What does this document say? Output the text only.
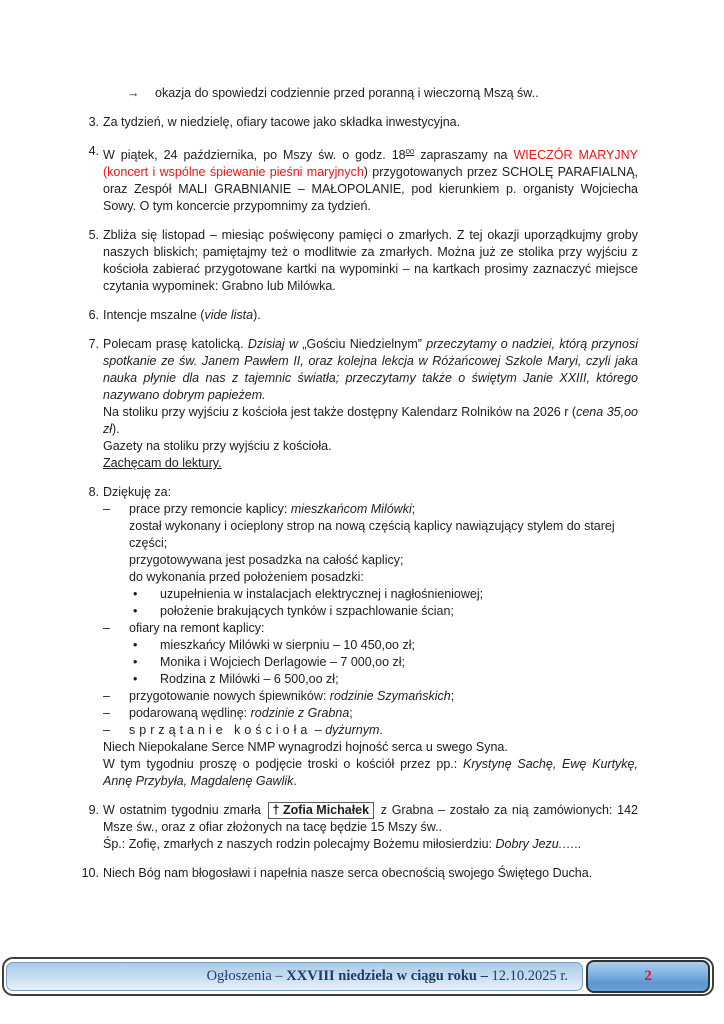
→	okazja do spowiedzi codziennie przed poranną i wieczorną Mszą św..
3. Za tydzień, w niedzielę, ofiary tacowe jako składka inwestycyjna.
4. W piątek, 24 października, po Mszy św. o godz. $18^{00}$ zapraszamy na WIECZÓR MARYJNY (koncert i wspólne śpiewanie pieśni maryjnych) przygotowanych przez SCHOLĘ PARAFIALNĄ, oraz Zespół MALI GRABNIANIE – MAŁOPOLANIE, pod kierunkiem p. organisty Wojciecha Sowy. O tym koncercie przypomnimy za tydzień.
5. Zbliża się listopad – miesiąc poświęcony pamięci o zmarłych. Z tej okazji uporządkujmy groby naszych bliskich; pamiętajmy też o modlitwie za zmarłych. Można już ze stolika przy wyjściu z kościoła zabierać przygotowane kartki na wypominki – na kartkach prosimy zaznaczyć miejsce czytania wypominek: Grabno lub Milówka.
6. Intencje mszalne (vide lista).
7. Polecam prasę katolicką. Dzisiaj w „Gościu Niedzielnym” przeczytamy o nadziei, którą przynosi spotkanie ze św. Janem Pawłem II, oraz kolejna lekcja w Różańcowej Szkole Maryi, czyli jaka nauka płynie dla nas z tajemnic światła; przeczytamy także o świętym Janie XXIII, którego nazywano dobrym papieżem.
Na stoliku przy wyjściu z kościoła jest także dostępny Kalendarz Rolników na 2026 r (cena 35,oo zł).
Gazety na stoliku przy wyjściu z kościoła.
Zachęcam do lektury.
8. Dziękuję za:
–	prace przy remoncie kaplicy: mieszkańcom Milówki;
został wykonany i ocieplony strop na nową częścią kaplicy nawiązujący stylem do starej części;
przygotowywana jest posadzka na całość kaplicy;
do wykonania przed położeniem posadzki:
•	uzupełnienia w instalacjach elektrycznej i nagłośnieniowej;
•	położenie brakujących tynków i szpachlowanie ścian;
–	ofiary na remont kaplicy:
•	mieszkańcy Milówki w sierpniu – 10 450,oo zł;
•	Monika i Wojciech Derlagowie – 7 000,oo zł;
•	Rodzina z Milówki – 6 500,oo zł;
–	przygotowanie nowych śpiewników: rodzinie Szymańskich;
–	podarowaną wędlinę: rodzinie z Grabna;
–	sprzątanie kościoła – dyżurnym.
Niech Niepokalane Serce NMP wynagrodzi hojność serca u swego Syna.
W tym tygodniu proszę o podjęcie troski o kościół przez pp.: Krystynę Sachę, Ewę Kurtykę, Annę Przybyła, Magdalenę Gawlik.
9. W ostatnim tygodniu zmarła † Zofia Michałek z Grabna – zostało za nią zamówionych: 142 Msze św., oraz z ofiar złożonych na tacę będzie 15 Mszy św..
Śp.: Zofię, zmarłych z naszych rodzin polecajmy Bożemu miłosierdziu: Dobry Jezu.…..
10. Niech Bóg nam błogosławi i napełnia nasze serca obecnością swojego Świętego Ducha.
Ogłoszenia – XXVIII niedziela w ciągu roku – 12.10.2025 r.	2
